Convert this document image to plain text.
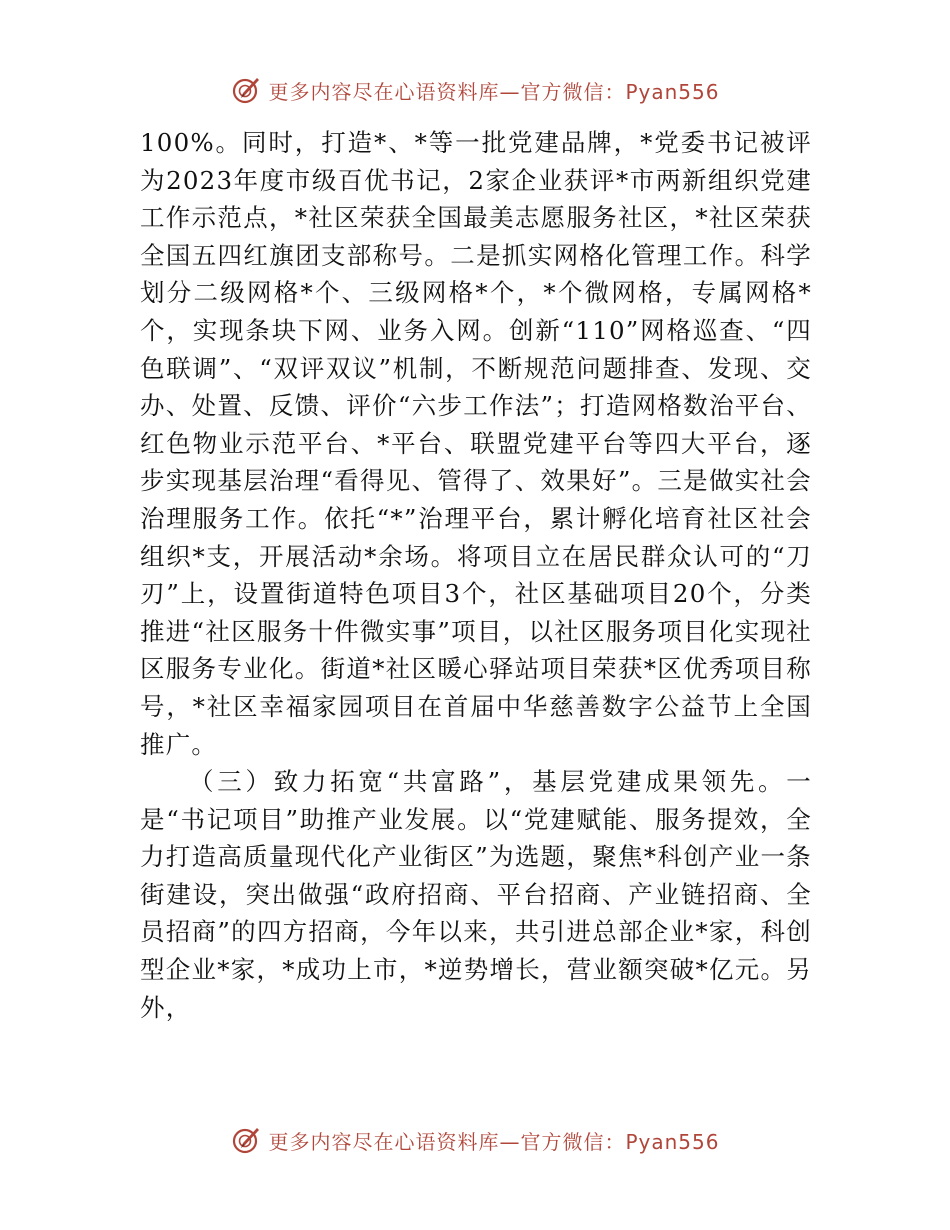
更多内容尽在心语资料库—官方微信：Pyan556

100%。同时，打造*、*等一批党建品牌，*党委书记被评为2023年度市级百优书记，2家企业获评*市两新组织党建工作示范点，*社区荣获全国最美志愿服务社区，*社区荣获全国五四红旗团支部称号。二是抓实网格化管理工作。科学划分二级网格*个、三级网格*个，*个微网格，专属网格*个，实现条块下网、业务入网。创新“110”网格巡查、“四色联调”、“双评双议”机制，不断规范问题排查、发现、交办、处置、反馈、评价“六步工作法”；打造网格数治平台、红色物业示范平台、*平台、联盟党建平台等四大平台，逐步实现基层治理“看得见、管得了、效果好”。三是做实社会治理服务工作。依托“*”治理平台，累计孵化培育社区社会组织*支，开展活动*余场。将项目立在居民群众认可的“刀刃”上，设置街道特色项目3个，社区基础项目20个，分类推进“社区服务十件微实事”项目，以社区服务项目化实现社区服务专业化。街道*社区暖心驿站项目荣获*区优秀项目称号，*社区幸福家园项目在首届中华慈善数字公益节上全国推广。

（三）致力拓宽“共富路”，基层党建成果领先。一是“书记项目”助推产业发展。以“党建赋能、服务提效，全力打造高质量现代化产业街区”为选题，聚焦*科创产业一条街建设，突出做强“政府招商、平台招商、产业链招商、全员招商”的四方招商，今年以来，共引进总部企业*家，科创型企业*家，*成功上市，*逆势增长，营业额突破*亿元。另外，

更多内容尽在心语资料库—官方微信：Pyan556
